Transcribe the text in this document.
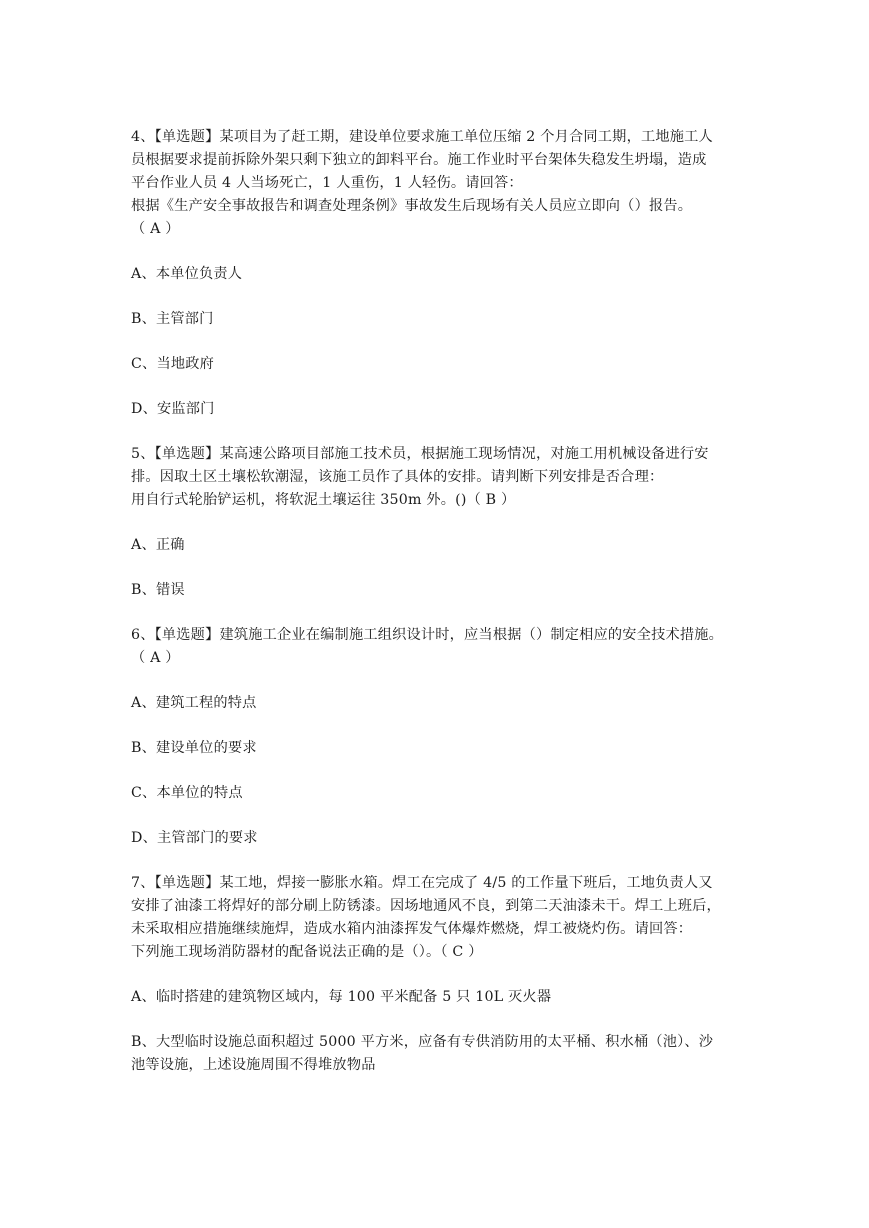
4、【单选题】某项目为了赶工期，建设单位要求施工单位压缩 2 个月合同工期，工地施工人
员根据要求提前拆除外架只剩下独立的卸料平台。施工作业时平台架体失稳发生坍塌，造成
平台作业人员 4 人当场死亡，1 人重伤，1 人轻伤。请回答：
根据《生产安全事故报告和调查处理条例》事故发生后现场有关人员应立即向（）报告。
（ A ）
A、本单位负责人
B、主管部门
C、当地政府
D、安监部门
5、【单选题】某高速公路项目部施工技术员，根据施工现场情况，对施工用机械设备进行安
排。因取土区土壤松软潮湿，该施工员作了具体的安排。请判断下列安排是否合理：
用自行式轮胎铲运机，将软泥土壤运往 350m 外。()（ B ）
A、正确
B、错误
6、【单选题】建筑施工企业在编制施工组织设计时，应当根据（）制定相应的安全技术措施。
（ A ）
A、建筑工程的特点
B、建设单位的要求
C、本单位的特点
D、主管部门的要求
7、【单选题】某工地，焊接一膨胀水箱。焊工在完成了 4/5 的工作量下班后，工地负责人又
安排了油漆工将焊好的部分刷上防锈漆。因场地通风不良，到第二天油漆未干。焊工上班后，
未采取相应措施继续施焊，造成水箱内油漆挥发气体爆炸燃烧，焊工被烧灼伤。请回答：
下列施工现场消防器材的配备说法正确的是（）。（ C ）
A、临时搭建的建筑物区域内，每 100 平米配备 5 只 10L 灭火器
B、大型临时设施总面积超过 5000 平方米，应备有专供消防用的太平桶、积水桶（池）、沙
池等设施，上述设施周围不得堆放物品
